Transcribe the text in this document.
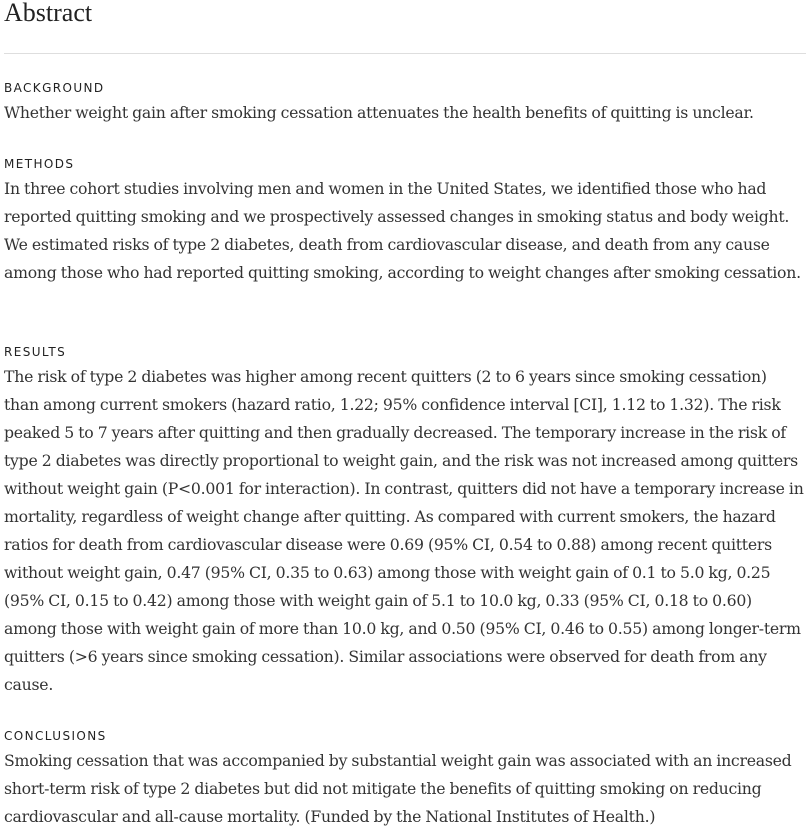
Abstract
BACKGROUND

Whether weight gain after smoking cessation attenuates the health benefits of quitting is unclear.

METHODS

In three cohort studies involving men and women in the United States, we identified those who had reported quitting smoking and we prospectively assessed changes in smoking status and body weight. We estimated risks of type 2 diabetes, death from cardiovascular disease, and death from any cause among those who had reported quitting smoking, according to weight changes after smoking cessation.

RESULTS

The risk of type 2 diabetes was higher among recent quitters (2 to 6 years since smoking cessation) than among current smokers (hazard ratio, 1.22; 95% confidence interval [CI], 1.12 to 1.32). The risk peaked 5 to 7 years after quitting and then gradually decreased. The temporary increase in the risk of type 2 diabetes was directly proportional to weight gain, and the risk was not increased among quitters without weight gain (P<0.001 for interaction). In contrast, quitters did not have a temporary increase in mortality, regardless of weight change after quitting. As compared with current smokers, the hazard ratios for death from cardiovascular disease were 0.69 (95% CI, 0.54 to 0.88) among recent quitters without weight gain, 0.47 (95% CI, 0.35 to 0.63) among those with weight gain of 0.1 to 5.0 kg, 0.25 (95% CI, 0.15 to 0.42) among those with weight gain of 5.1 to 10.0 kg, 0.33 (95% CI, 0.18 to 0.60) among those with weight gain of more than 10.0 kg, and 0.50 (95% CI, 0.46 to 0.55) among longer-term quitters (>6 years since smoking cessation). Similar associations were observed for death from any cause.

CONCLUSIONS

Smoking cessation that was accompanied by substantial weight gain was associated with an increased short-term risk of type 2 diabetes but did not mitigate the benefits of quitting smoking on reducing cardiovascular and all-cause mortality. (Funded by the National Institutes of Health.)
